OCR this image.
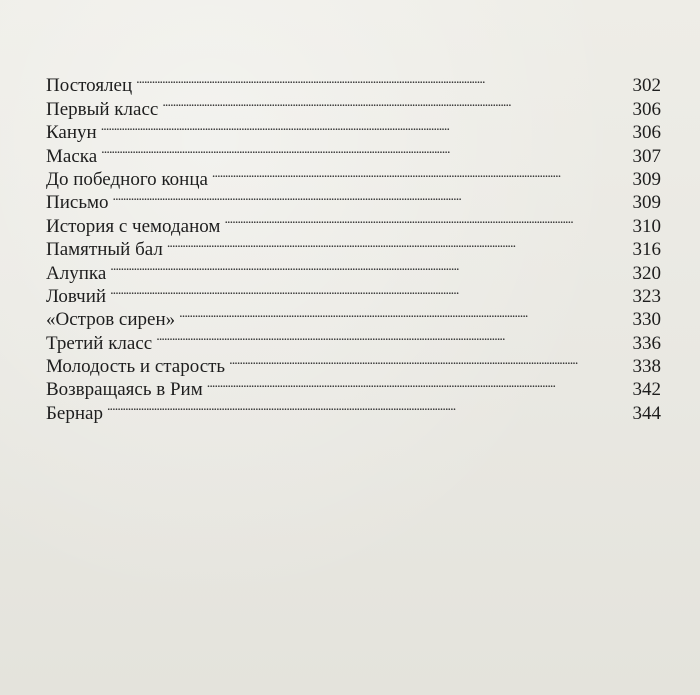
Постоялец . . .	302
Первый класс . . .	306
Канун . . .	306
Маска . . .	307
До победного конца . . .	309
Письмо . . .	309
История с чемоданом . . .	310
Памятный бал . . .	316
Алупка . . .	320
Ловчий . . .	323
«Остров сирен» . . .	330
Третий класс . . .	336
Молодость и старость . . .	338
Возвращаясь в Рим . . .	342
Бернар . . .	344
